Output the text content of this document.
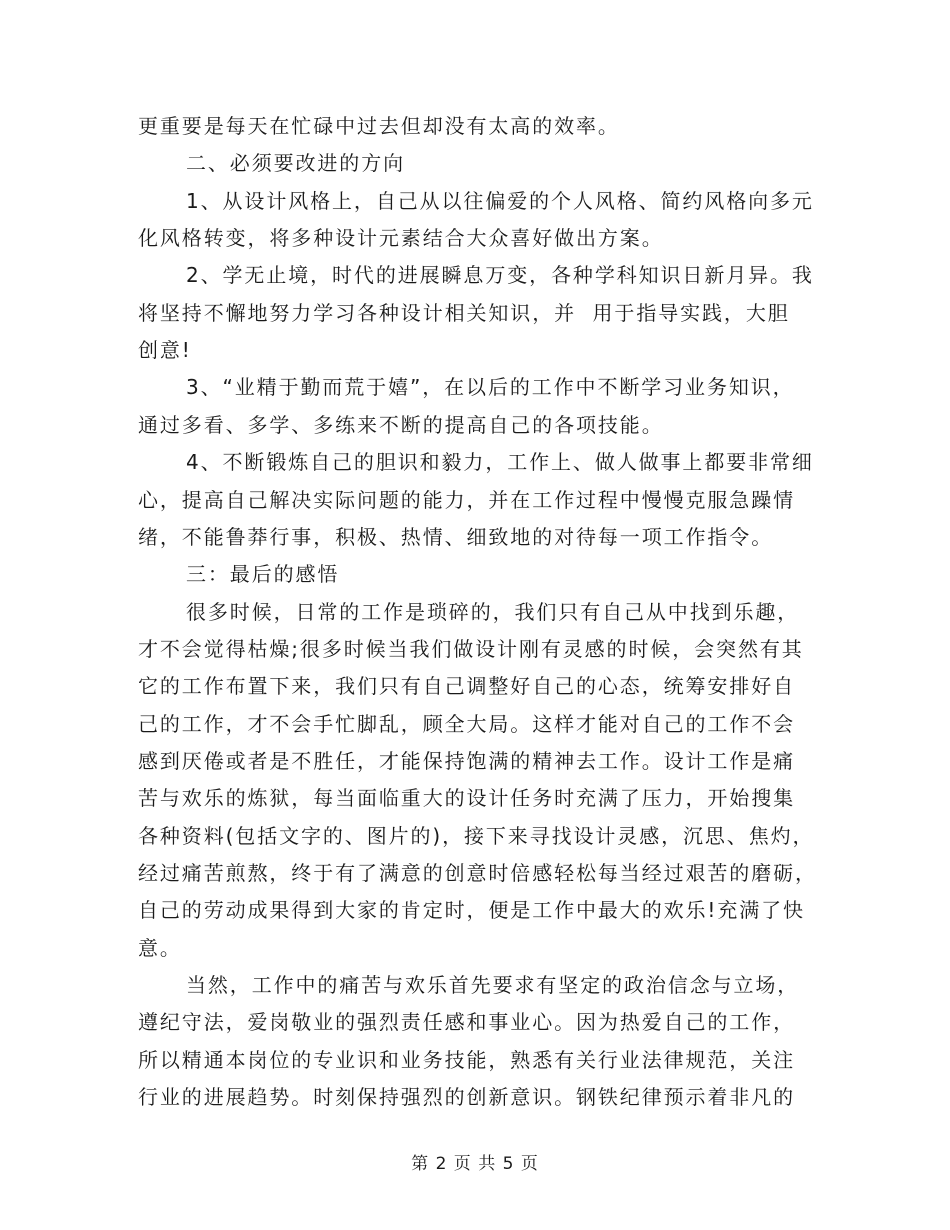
更重要是每天在忙碌中过去但却没有太高的效率。
二、必须要改进的方向
1、从设计风格上，自己从以往偏爱的个人风格、简约风格向多元
化风格转变，将多种设计元素结合大众喜好做出方案。
2、学无止境，时代的进展瞬息万变，各种学科知识日新月异。我
将坚持不懈地努力学习各种设计相关知识，并  用于指导实践，大胆
创意!
3、“业精于勤而荒于嬉”，在以后的工作中不断学习业务知识，
通过多看、多学、多练来不断的提高自己的各项技能。
4、不断锻炼自己的胆识和毅力，工作上、做人做事上都要非常细
心，提高自己解决实际问题的能力，并在工作过程中慢慢克服急躁情
绪，不能鲁莽行事，积极、热情、细致地的对待每一项工作指令。
三：最后的感悟
很多时候，日常的工作是琐碎的，我们只有自己从中找到乐趣，
才不会觉得枯燥;很多时候当我们做设计刚有灵感的时候，会突然有其
它的工作布置下来，我们只有自己调整好自己的心态，统筹安排好自
己的工作，才不会手忙脚乱，顾全大局。这样才能对自己的工作不会
感到厌倦或者是不胜任，才能保持饱满的精神去工作。设计工作是痛
苦与欢乐的炼狱，每当面临重大的设计任务时充满了压力，开始搜集
各种资料(包括文字的、图片的)，接下来寻找设计灵感，沉思、焦灼，
经过痛苦煎熬，终于有了满意的创意时倍感轻松每当经过艰苦的磨砺，
自己的劳动成果得到大家的肯定时，便是工作中最大的欢乐!充满了快
意。
当然，工作中的痛苦与欢乐首先要求有坚定的政治信念与立场，
遵纪守法，爱岗敬业的强烈责任感和事业心。因为热爱自己的工作，
所以精通本岗位的专业识和业务技能，熟悉有关行业法律规范，关注
行业的进展趋势。时刻保持强烈的创新意识。钢铁纪律预示着非凡的
第 2 页 共 5 页
